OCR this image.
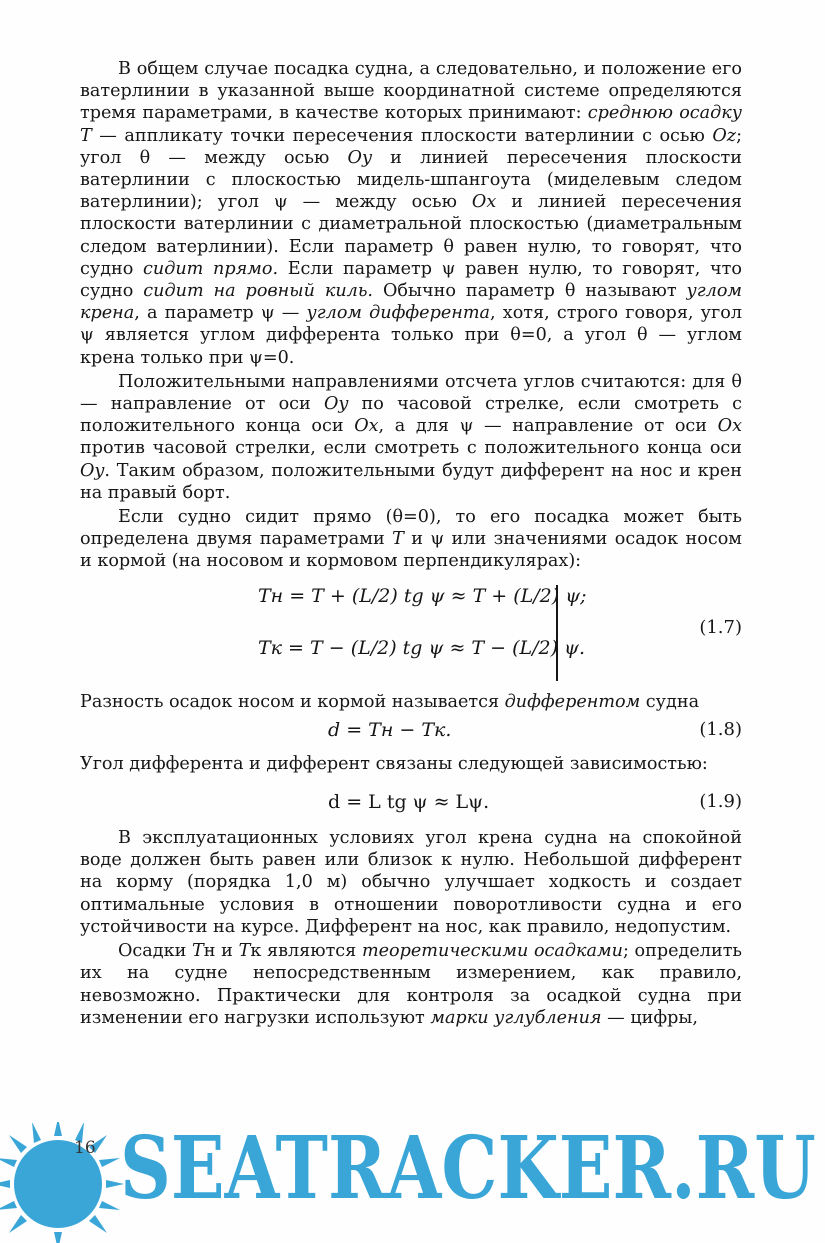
В общем случае посадка судна, а следовательно, и положение его ватерлинии в указанной выше координатной системе определяются тремя параметрами, в качестве которых принимают: среднюю осадку T — аппликату точки пересечения плоскости ватерлинии с осью Oz; угол θ — между осью Oy и линией пересечения плоскости ватерлинии с плоскостью мидель-шпангоута (миделевым следом ватерлинии); угол ψ — между осью Ox и линией пересечения плоскости ватерлинии с диаметральной плоскостью (диаметральным следом ватерлинии). Если параметр θ равен нулю, то говорят, что судно сидит прямо. Если параметр ψ равен нулю, то говорят, что судно сидит на ровный киль. Обычно параметр θ называют углом крена, а параметр ψ — углом дифферента, хотя, строго говоря, угол ψ является углом дифферента только при θ=0, а угол θ — углом крена только при ψ=0.

Положительными направлениями отсчета углов считаются: для θ — направление от оси Oy по часовой стрелке, если смотреть с положительного конца оси Ox, а для ψ — направление от оси Ox против часовой стрелки, если смотреть с положительного конца оси Oy. Таким образом, положительными будут дифферент на нос и крен на правый борт.

Если судно сидит прямо (θ=0), то его посадка может быть определена двумя параметрами T и ψ или значениями осадок носом и кормой (на носовом и кормовом перпендикулярах):

Tн = T + (L/2) tg ψ ≈ T + (L/2) ψ;
Tк = T − (L/2) tg ψ ≈ T − (L/2) ψ.
(1.7)

Разность осадок носом и кормой называется дифферентом судна

d = Tн − Tк.	(1.8)

Угол дифферента и дифферент связаны следующей зависимостью:

d = L tg ψ ≈ Lψ.	(1.9)

В эксплуатационных условиях угол крена судна на спокойной воде должен быть равен или близок к нулю. Небольшой дифферент на корму (порядка 1,0 м) обычно улучшает ходкость и создает оптимальные условия в отношении поворотливости судна и его устойчивости на курсе. Дифферент на нос, как правило, недопустим.

Осадки Tн и Tк являются теоретическими осадками; определить их на судне непосредственным измерением, как правило, невозможно. Практически для контроля за осадкой судна при изменении его нагрузки используют марки углубления — цифры,

16 SEATRACKER.RU
